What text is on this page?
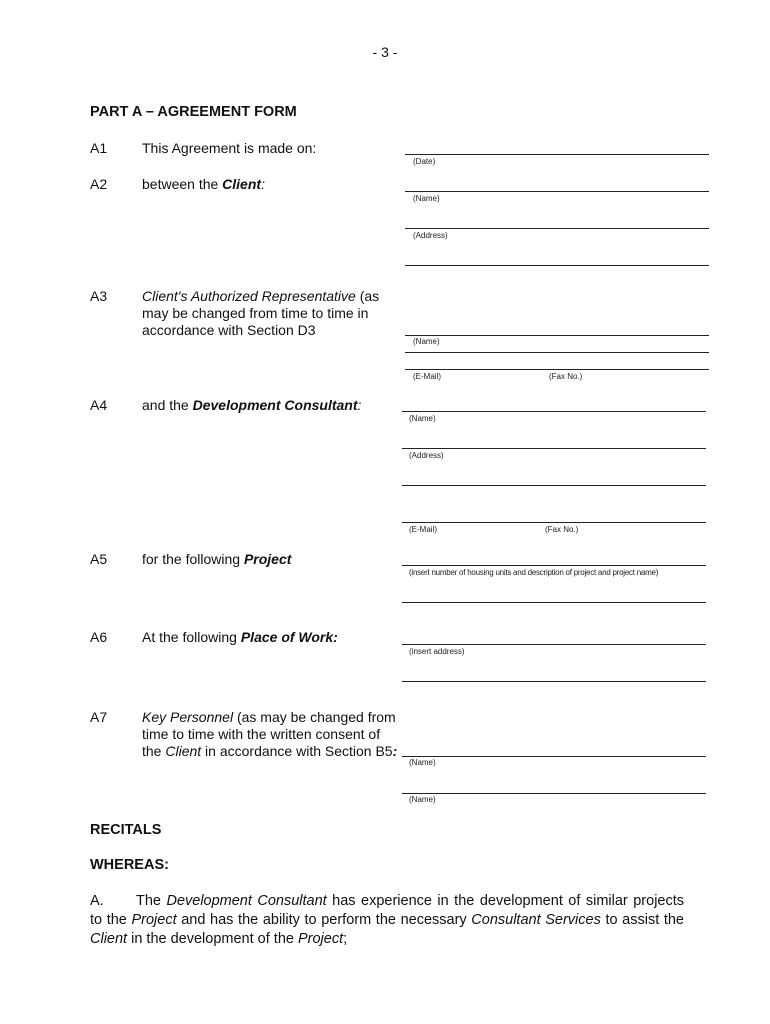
- 3 -
PART A – AGREEMENT FORM
A1 This Agreement is made on:
(Date)
A2 between the Client:
(Name)
(Address)
A3 Client's Authorized Representative (as may be changed from time to time in accordance with Section D3
(Name)
(E-Mail)	(Fax No.)
A4 and the Development Consultant:
(Name)
(Address)
(E-Mail)	(Fax No.)
A5 for the following Project
(insert number of housing units and description of project and project name)
A6 At the following Place of Work:
(insert address)
A7 Key Personnel (as may be changed from time to time with the written consent of the Client in accordance with Section B5:
(Name)
(Name)
RECITALS
WHEREAS:
A. The Development Consultant has experience in the development of similar projects to the Project and has the ability to perform the necessary Consultant Services to assist the Client in the development of the Project;
